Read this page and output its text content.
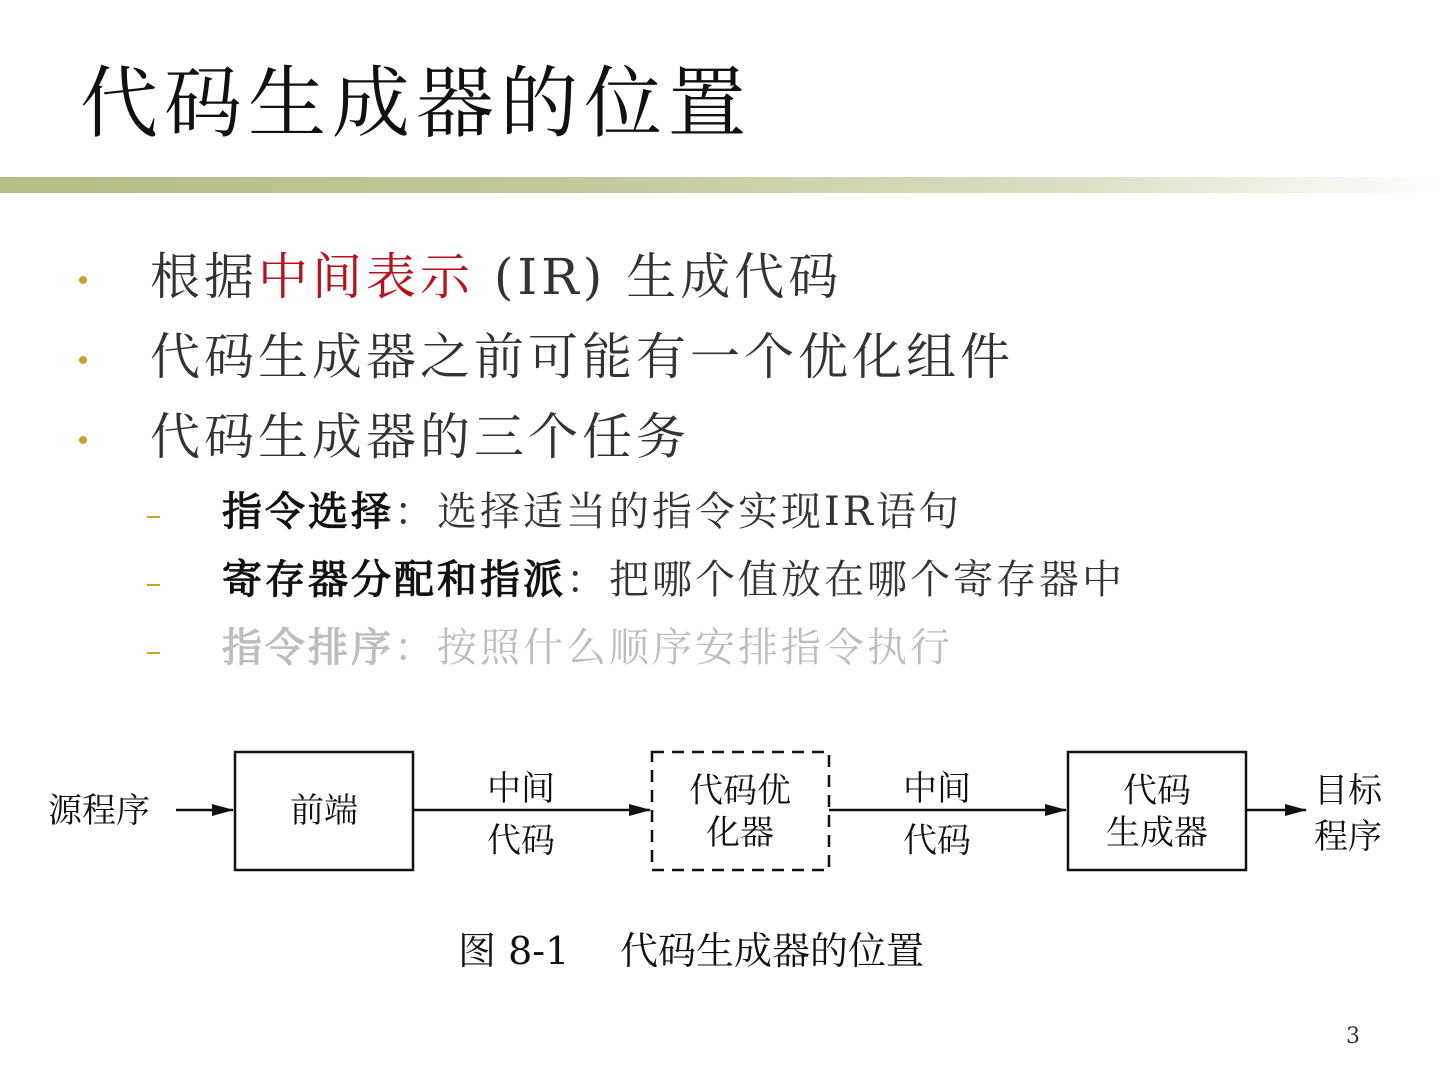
代码生成器的位置
根据中间表示 (IR) 生成代码
代码生成器之前可能有一个优化组件
代码生成器的三个任务
指令选择：选择适当的指令实现IR语句
寄存器分配和指派：把哪个值放在哪个寄存器中
指令排序：按照什么顺序安排指令执行
源程序	前端
中间
代码
代码优
化器
中间
代码
代码
生成器
目标
程序
图 8-1 代码生成器的位置
3
